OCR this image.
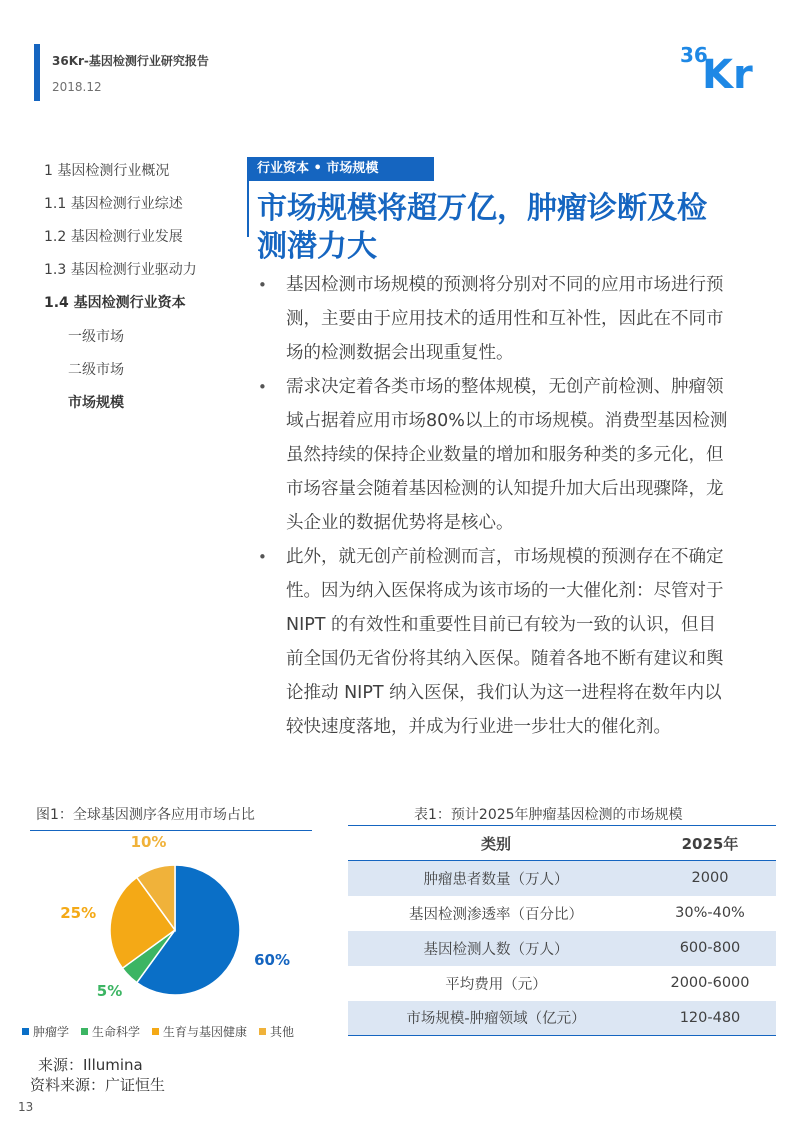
36Kr-基因检测行业研究报告
2018.12
36
Kr
1 基因检测行业概况
1.1 基因检测行业综述
1.2 基因检测行业发展
1.3 基因检测行业驱动力
1.4 基因检测行业资本
一级市场
二级市场
市场规模
行业资本 • 市场规模
市场规模将超万亿，肿瘤诊断及检测潜力大
• 基因检测市场规模的预测将分别对不同的应用市场进行预测，主要由于应用技术的适用性和互补性，因此在不同市场的检测数据会出现重复性。
• 需求决定着各类市场的整体规模，无创产前检测、肿瘤领域占据着应用市场80%以上的市场规模。消费型基因检测虽然持续的保持企业数量的增加和服务种类的多元化，但市场容量会随着基因检测的认知提升加大后出现骤降，龙头企业的数据优势将是核心。
• 此外，就无创产前检测而言，市场规模的预测存在不确定性。因为纳入医保将成为该市场的一大催化剂：尽管对于 NIPT 的有效性和重要性目前已有较为一致的认识，但目前全国仍无省份将其纳入医保。随着各地不断有建议和舆论推动 NIPT 纳入医保，我们认为这一进程将在数年内以较快速度落地，并成为行业进一步壮大的催化剂。
图1：全球基因测序各应用市场占比
60%
5%
25%
10%
肿瘤学 生命科学 生育与基因健康 其他
表1：预计2025年肿瘤基因检测的市场规模
类别	2025年
肿瘤患者数量（万人）	2000
基因检测渗透率（百分比）	30%-40%
基因检测人数（万人）	600-800
平均费用（元）	2000-6000
市场规模-肿瘤领域（亿元）	120-480
来源：Illumina
资料来源：广证恒生
13
